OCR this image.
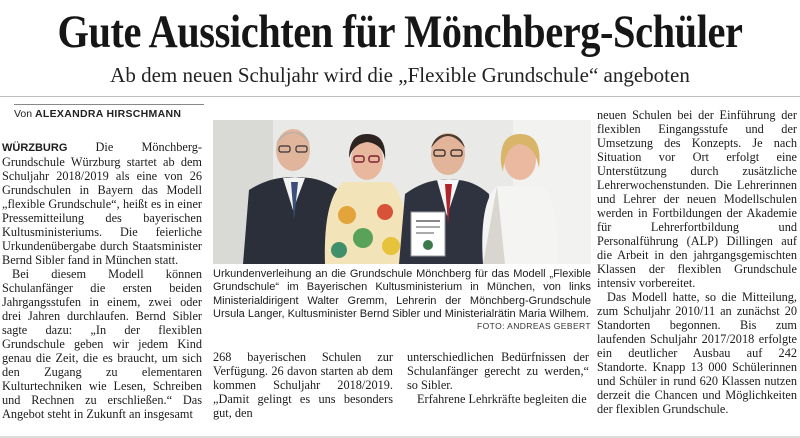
Gute Aussichten für Mönchberg-Schüler
Ab dem neuen Schuljahr wird die „Flexible Grundschule“ angeboten
Von ALEXANDRA HIRSCHMANN

WÜRZBURG Die Mönchberg-Grundschule Würzburg startet ab dem Schuljahr 2018/2019 als eine von 26 Grundschulen in Bayern das Modell „flexible Grundschule“, heißt es in einer Pressemitteilung des bayerischen Kultusministeriums. Die feierliche Urkundenübergabe durch Staatsminister Bernd Sibler fand in München statt.

Bei diesem Modell können Schulanfänger die ersten beiden Jahrgangsstufen in einem, zwei oder drei Jahren durchlaufen. Bernd Sibler sagte dazu: „In der flexiblen Grundschule geben wir jedem Kind genau die Zeit, die es braucht, um sich den Zugang zu elementaren Kulturtechniken wie Lesen, Schreiben und Rechnen zu erschließen.“ Das Angebot steht in Zukunft an insgesamt

Urkundenverleihung an die Grundschule Mönchberg für das Modell „Flexible Grundschule“ im Bayerischen Kultusministerium in München, von links Ministerialdirigent Walter Gremm, Lehrerin der Mönchberg-Grundschule Ursula Langer, Kultusminister Bernd Sibler und Ministerialrätin Maria Wilhem.
FOTO: ANDREAS GEBERT

268 bayerischen Schulen zur Verfügung. 26 davon starten ab dem kommen Schuljahr 2018/2019. „Damit gelingt es uns besonders gut, den

unterschiedlichen Bedürfnissen der Schulanfänger gerecht zu werden,“ so Sibler.

Erfahrene Lehrkräfte begleiten die

neuen Schulen bei der Einführung der flexiblen Eingangsstufe und der Umsetzung des Konzepts. Je nach Situation vor Ort erfolgt eine Unterstützung durch zusätzliche Lehrerwochenstunden. Die Lehrerinnen und Lehrer der neuen Modellschulen werden in Fortbildungen der Akademie für Lehrerfortbildung und Personalführung (ALP) Dillingen auf die Arbeit in den jahrgangsgemischten Klassen der flexiblen Grundschule intensiv vorbereitet.

Das Modell hatte, so die Mitteilung, zum Schuljahr 2010/11 an zunächst 20 Standorten begonnen. Bis zum laufenden Schuljahr 2017/2018 erfolgte ein deutlicher Ausbau auf 242 Standorte. Knapp 13 000 Schülerinnen und Schüler in rund 620 Klassen nutzen derzeit die Chancen und Möglichkeiten der flexiblen Grundschule.
